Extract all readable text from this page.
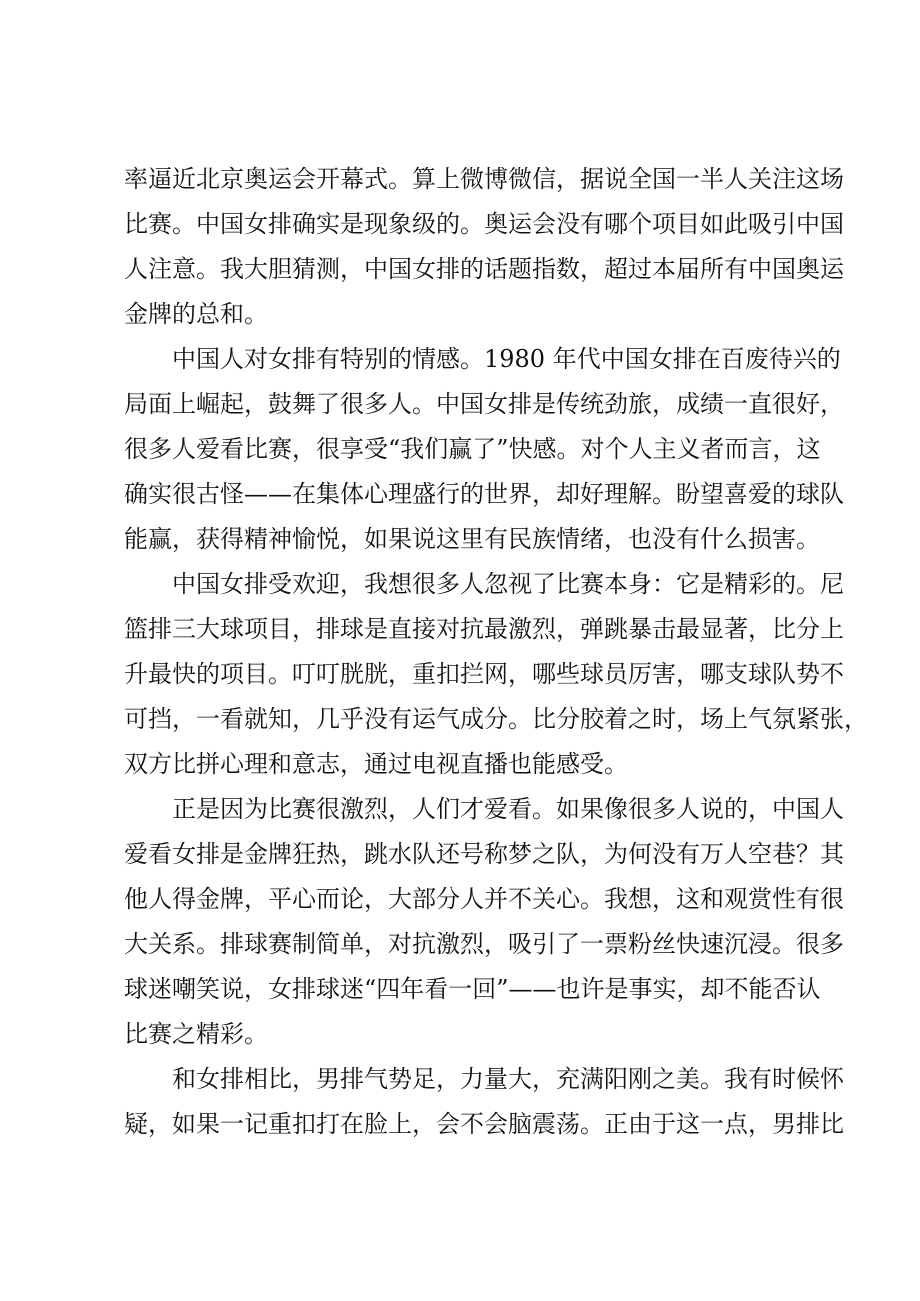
率逼近北京奥运会开幕式。算上微博微信，据说全国一半人关注这场
比赛。中国女排确实是现象级的。奥运会没有哪个项目如此吸引中国
人注意。我大胆猜测，中国女排的话题指数，超过本届所有中国奥运
金牌的总和。
中国人对女排有特别的情感。1980 年代中国女排在百废待兴的
局面上崛起，鼓舞了很多人。中国女排是传统劲旅，成绩一直很好，
很多人爱看比赛，很享受“我们赢了”快感。对个人主义者而言，这
确实很古怪——在集体心理盛行的世界，却好理解。盼望喜爱的球队
能赢，获得精神愉悦，如果说这里有民族情绪，也没有什么损害。
中国女排受欢迎，我想很多人忽视了比赛本身：它是精彩的。尼
篮排三大球项目，排球是直接对抗最激烈，弹跳暴击最显著，比分上
升最快的项目。叮叮胱胱，重扣拦网，哪些球员厉害，哪支球队势不
可挡，一看就知，几乎没有运气成分。比分胶着之时，场上气氛紧张，
双方比拼心理和意志，通过电视直播也能感受。
正是因为比赛很激烈，人们才爱看。如果像很多人说的，中国人
爱看女排是金牌狂热，跳水队还号称梦之队，为何没有万人空巷？其
他人得金牌，平心而论，大部分人并不关心。我想，这和观赏性有很
大关系。排球赛制简单，对抗激烈，吸引了一票粉丝快速沉浸。很多
球迷嘲笑说，女排球迷“四年看一回”——也许是事实，却不能否认
比赛之精彩。
和女排相比，男排气势足，力量大，充满阳刚之美。我有时候怀
疑，如果一记重扣打在脸上，会不会脑震荡。正由于这一点，男排比
